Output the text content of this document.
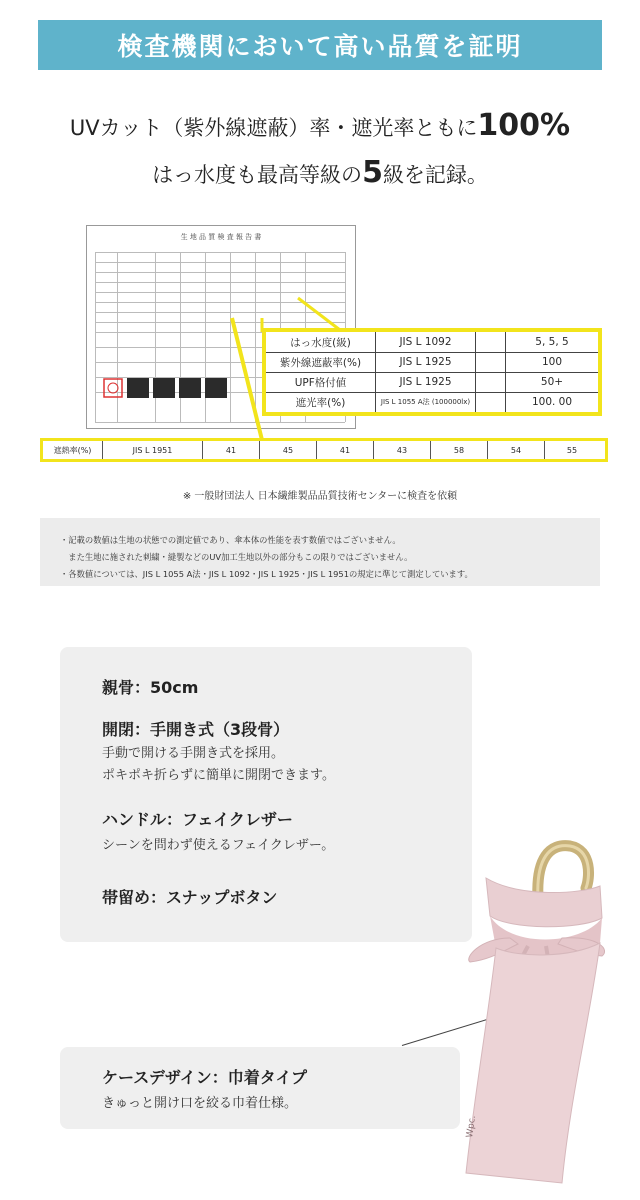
検査機関において高い品質を証明
UVカット（紫外線遮蔽）率・遮光率ともに100%
はっ水度も最高等級の5級を記録。
生 地 品 質 検 査 報 告 書
はっ水度(級)	JIS L 1092	5, 5, 5
紫外線遮蔽率(%)	JIS L 1925	100
UPF格付値	JIS L 1925	50+
遮光率(%)	JIS L 1055 A法 (100000lx)	100. 00
遮熱率(%)	JIS L 1951	41	45	41	43	58	54	55
※ 一般財団法人 日本繊維製品品質技術センターに検査を依頼
・記載の数値は生地の状態での測定値であり、傘本体の性能を表す数値ではございません。
　また生地に施された刺繍・縫製などのUV加工生地以外の部分もこの限りではございません。
・各数値については、JIS L 1055 A法・JIS L 1092・JIS L 1925・JIS L 1951の規定に準じて測定しています。
親骨：50cm
開閉：手開き式（3段骨）
手動で開ける手開き式を採用。
ポキポキ折らずに簡単に開閉できます。
ハンドル：フェイクレザー
シーンを問わず使えるフェイクレザー。
帯留め：スナップボタン
ケースデザイン：巾着タイプ
きゅっと開け口を絞る巾着仕様。
Wpc.
